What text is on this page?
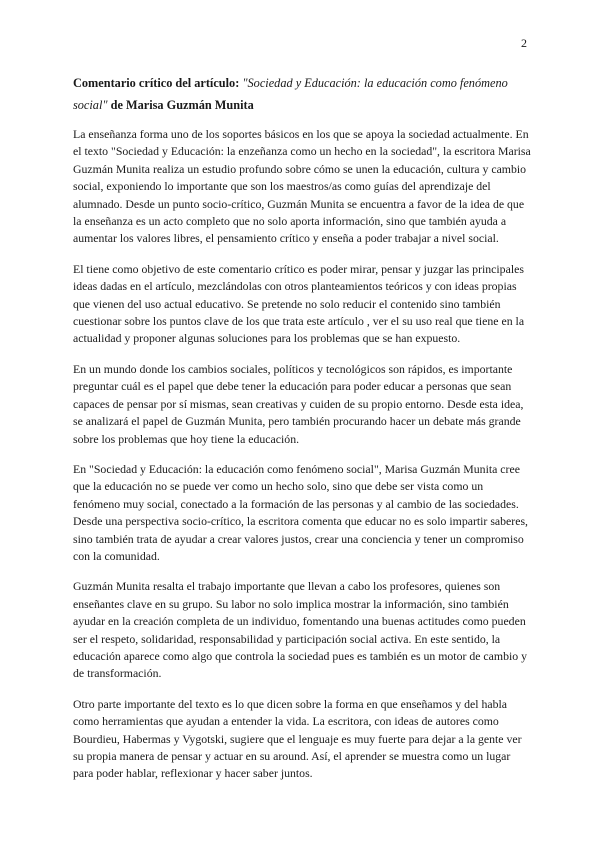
2
Comentario crítico del artículo: "Sociedad y Educación: la educación como fenómeno social" de Marisa Guzmán Munita

La enseñanza forma uno de los soportes básicos en los que se apoya la sociedad actualmente. En el texto "Sociedad y Educación: la enzeñanza como un hecho en la sociedad", la escritora Marisa Guzmán Munita realiza un estudio profundo sobre cómo se unen la educación, cultura y cambio social, exponiendo lo importante que son los maestros/as como guías del aprendizaje del alumnado. Desde un punto socio-crítico, Guzmán Munita se encuentra a favor de la idea de que la enseñanza es un acto completo que no solo aporta información, sino que también ayuda a aumentar los valores libres, el pensamiento crítico y enseña a poder trabajar a nivel social.

El tiene como objetivo de este comentario crítico es poder mirar, pensar y juzgar las principales ideas dadas en el artículo, mezclándolas con otros planteamientos teóricos y con ideas propias que vienen del uso actual educativo. Se pretende no solo reducir el contenido sino también cuestionar sobre los puntos clave de los que trata este artículo , ver el su uso real que tiene en la actualidad y proponer algunas soluciones para los problemas que se han expuesto.

En un mundo donde los cambios sociales, políticos y tecnológicos son rápidos, es importante preguntar cuál es el papel que debe tener la educación para poder educar a personas que sean capaces de pensar por sí mismas, sean creativas y cuiden de su propio entorno. Desde esta idea, se analizará el papel de Guzmán Munita, pero también procurando hacer un debate más grande sobre los problemas que hoy tiene la educación.

En "Sociedad y Educación: la educación como fenómeno social", Marisa Guzmán Munita cree que la educación no se puede ver como un hecho solo, sino que debe ser vista como un fenómeno muy social, conectado a la formación de las personas y al cambio de las sociedades. Desde una perspectiva socio-crítico, la escritora comenta que educar no es solo impartir saberes, sino también trata de ayudar a crear valores justos, crear una conciencia y tener un compromiso con la comunidad.

Guzmán Munita resalta el trabajo importante que llevan a cabo los profesores, quienes son enseñantes clave en su grupo. Su labor no solo implica mostrar la información, sino también ayudar en la creación completa de un individuo, fomentando una buenas actitudes como pueden ser el respeto, solidaridad, responsabilidad y participación social activa. En este sentido, la educación aparece como algo que controla la sociedad pues es también es un motor de cambio y de transformación.

Otro parte importante del texto es lo que dicen sobre la forma en que enseñamos y del habla como herramientas que ayudan a entender la vida. La escritora, con ideas de autores como Bourdieu, Habermas y Vygotski, sugiere que el lenguaje es muy fuerte para dejar a la gente ver su propia manera de pensar y actuar en su around. Así, el aprender se muestra como un lugar para poder hablar, reflexionar y hacer saber juntos.
